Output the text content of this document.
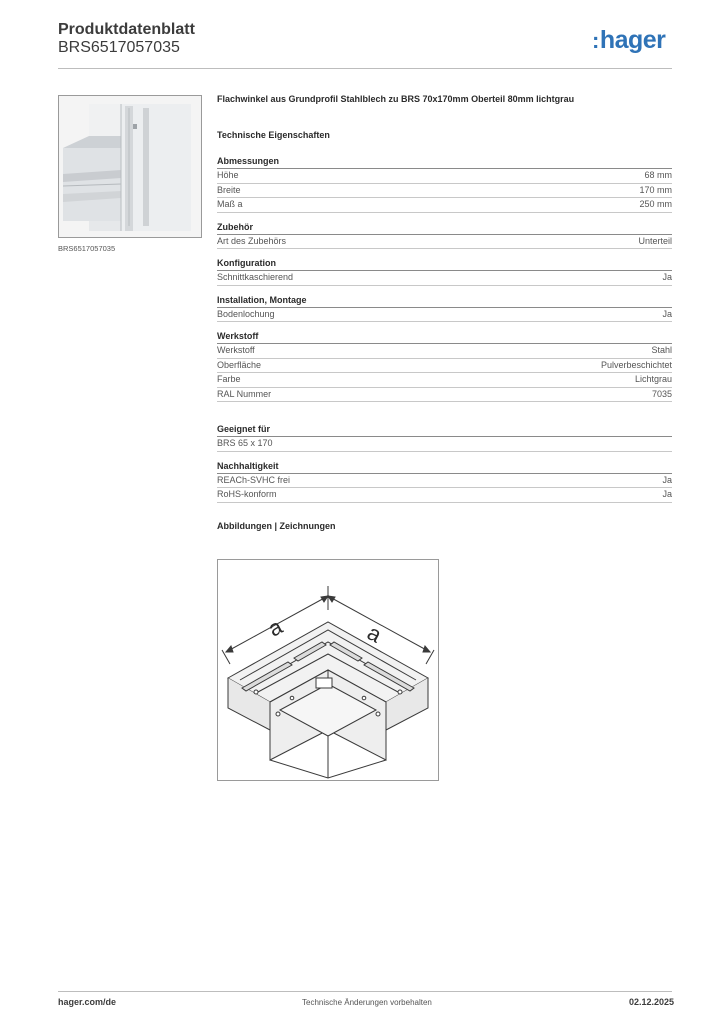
Produktdatenblatt
BRS6517057035	:hager
BRS6517057035
Flachwinkel aus Grundprofil Stahlblech zu BRS 70x170mm Oberteil 80mm lichtgrau
Technische Eigenschaften
Abmessungen
Höhe	68 mm
Breite	170 mm
Maß a	250 mm
Zubehör
Art des Zubehörs	Unterteil
Konfiguration
Schnittkaschierend	Ja
Installation, Montage
Bodenlochung	Ja
Werkstoff
Werkstoff	Stahl
Oberfläche	Pulverbeschichtet
Farbe	Lichtgrau
RAL Nummer	7035
Geeignet für
BRS 65 x 170
Nachhaltigkeit
REACh-SVHC frei	Ja
RoHS-konform	Ja
Abbildungen | Zeichnungen
a	a
hager.com/de	Technische Änderungen vorbehalten	02.12.2025
